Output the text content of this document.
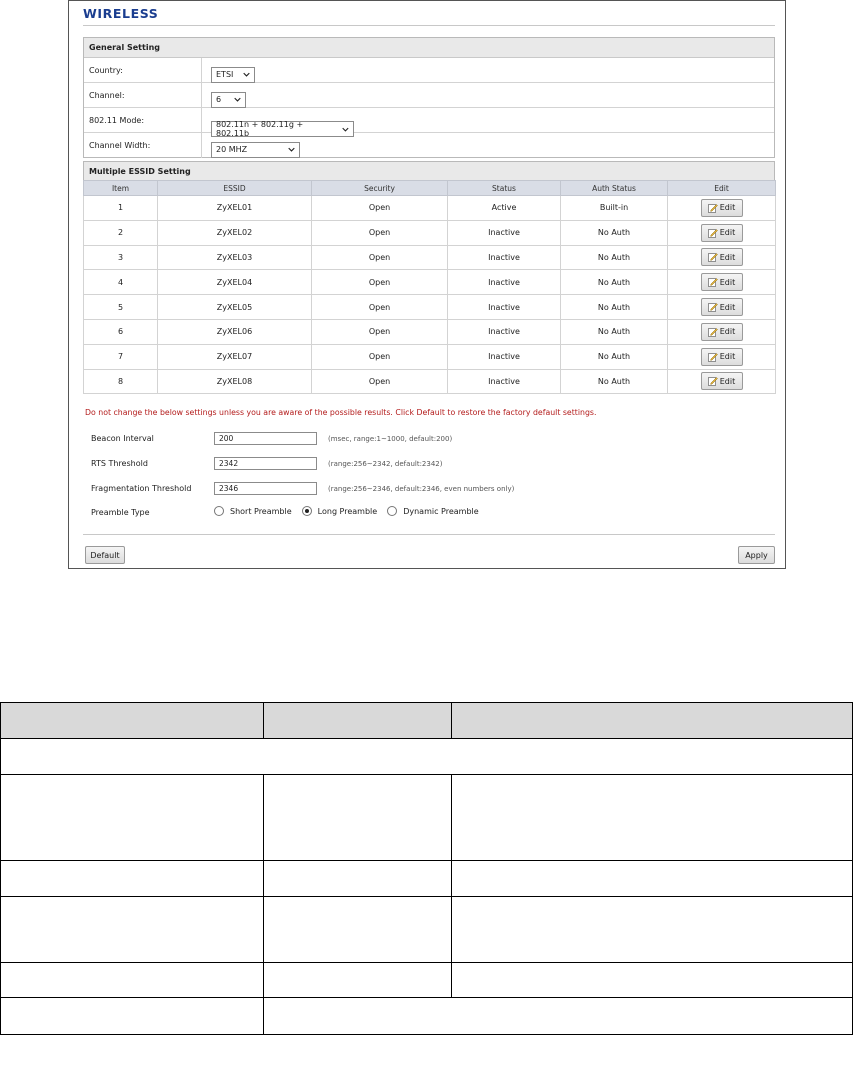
WIRELESS
General Setting
Country:	ETSI
Channel:	6
802.11 Mode:	802.11n + 802.11g + 802.11b
Channel Width:	20 MHZ
Multiple ESSID Setting
Item	ESSID	Security	Status	Auth Status	Edit
1	ZyXEL01	Open	Active	Built-in	Edit

2	ZyXEL02	Open	Inactive	No Auth	Edit

3	ZyXEL03	Open	Inactive	No Auth	Edit

4	ZyXEL04	Open	Inactive	No Auth	Edit

5	ZyXEL05	Open	Inactive	No Auth	Edit

6	ZyXEL06	Open	Inactive	No Auth	Edit

7	ZyXEL07	Open	Inactive	No Auth	Edit

8	ZyXEL08	Open	Inactive	No Auth	Edit
Do not change the below settings unless you are aware of the possible results. Click Default to restore the factory default settings.
Beacon Interval	200	(msec, range:1~1000, default:200)
RTS Threshold	2342	(range:256~2342, default:2342)
Fragmentation Threshold	2346	(range:256~2346, default:2346, even numbers only)
Preamble Type	Short Preamble	Long Preamble	Dynamic Preamble
Default	Apply
